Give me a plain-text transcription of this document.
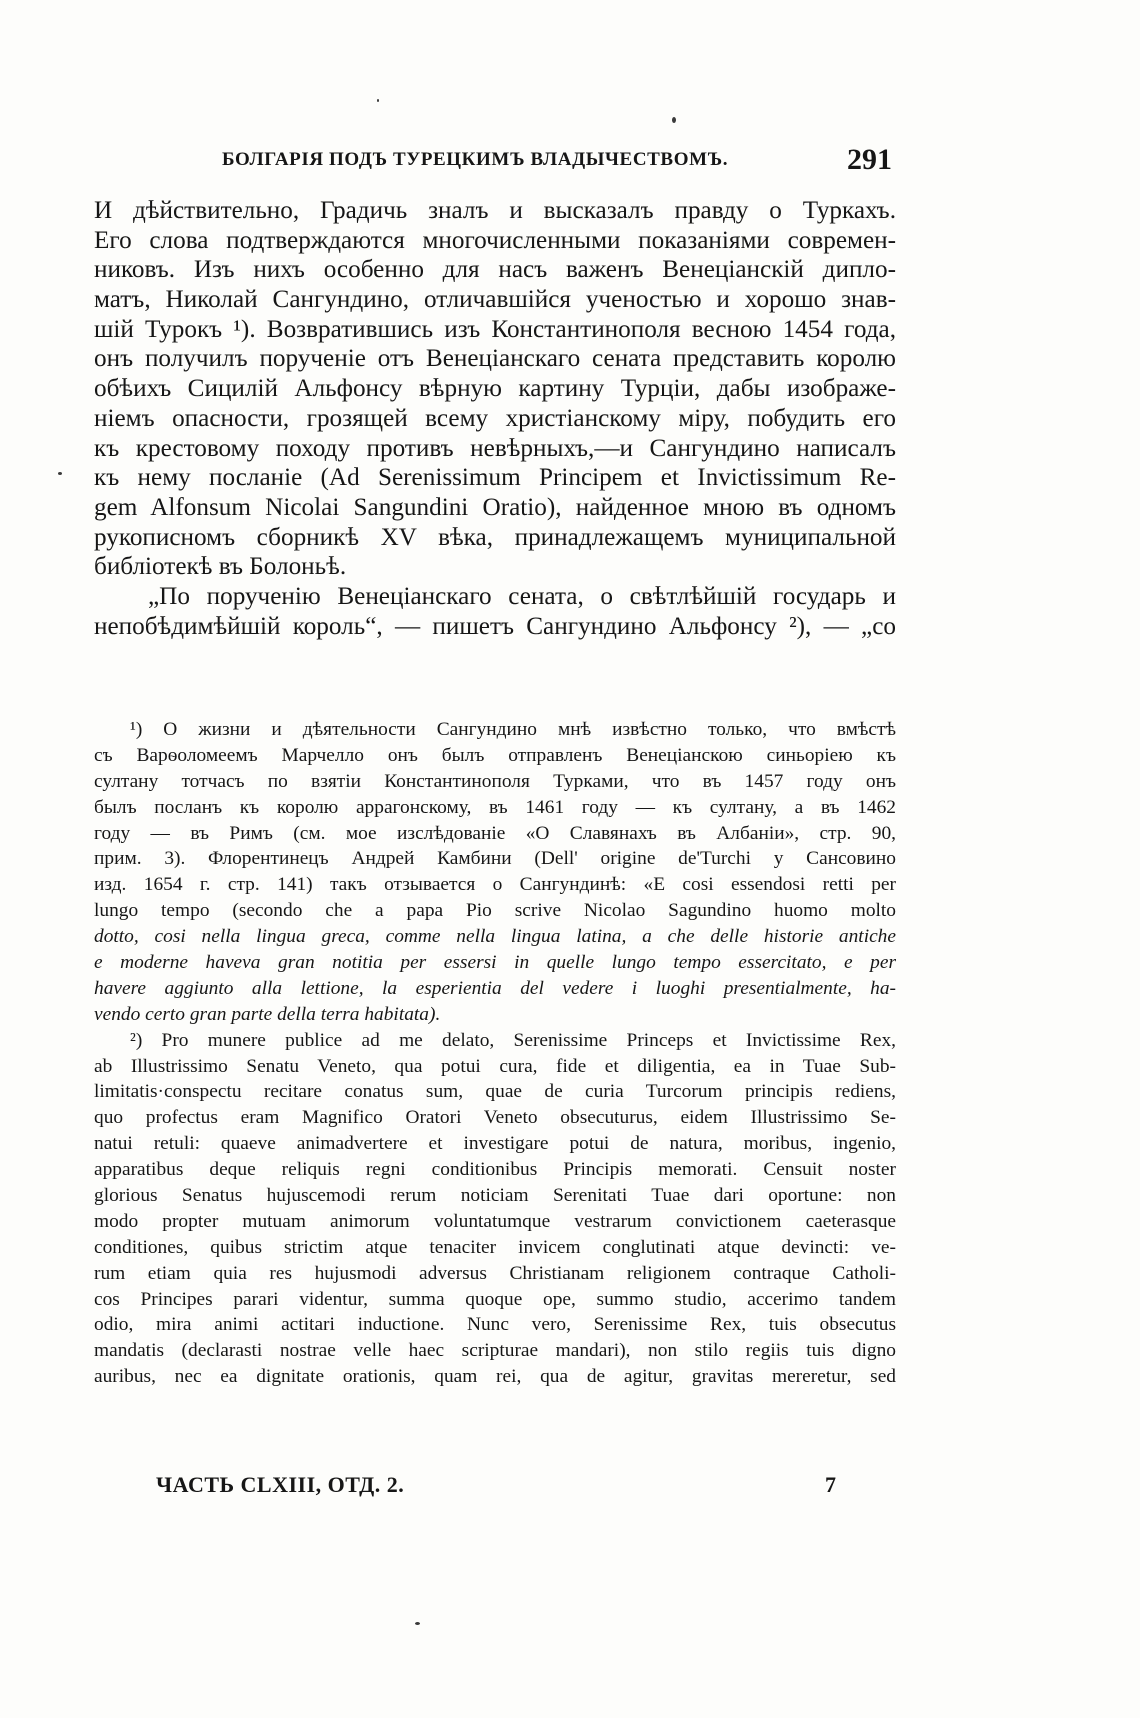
БОЛГАРІЯ ПОДЪ ТУРЕЦКИМЪ ВЛАДЫЧЕСТВОМЪ.	291
И дѣйствительно, Градичь зналъ и высказалъ правду о Туркахъ.
Его слова подтверждаются многочисленными показаніями современ-
никовъ. Изъ нихъ особенно для насъ важенъ Венеціанскій дипло-
матъ, Николай Сангундино, отличавшійся ученостью и хорошо знав-
шій Турокъ ¹). Возвратившись изъ Константинополя весною 1454 года,
онъ получилъ порученіе отъ Венеціанскаго сената представить королю
обѣихъ Сицилій Альфонсу вѣрную картину Турціи, дабы изображе-
ніемъ опасности, грозящей всему христіанскому міру, побудить его
къ крестовому походу противъ невѣрныхъ,—и Сангундино написалъ
къ нему посланіе (Ad Serenissimum Principem et Invictissimum Re-
gem Alfonsum Nicolai Sangundini Oratio), найденное мною въ одномъ
рукописномъ сборникѣ XV вѣка, принадлежащемъ муниципальной
библіотекѣ въ Болоньѣ.
„По порученію Венеціанскаго сената, о свѣтлѣйшій государь и
непобѣдимѣйшій король“, — пишетъ Сангундино Альфонсу ²), — „со
¹) О жизни и дѣятельности Сангундино мнѣ извѣстно только, что вмѣстѣ
съ Варѳоломеемъ Марчелло онъ былъ отправленъ Венеціанскою синьоріею къ
султану тотчасъ по взятіи Константинополя Турками, что въ 1457 году онъ
былъ посланъ къ королю аррагонскому, въ 1461 году — къ султану, а въ 1462
году — въ Римъ (см. мое изслѣдованіе «О Славянахъ въ Албаніи», стр. 90,
прим. 3). Флорентинецъ Андрей Камбини (Dell' origine de'Turchi у Сансовино
изд. 1654 г. стр. 141) такъ отзывается о Сангундинѣ: «E cosi essendosi retti per
lungo tempo (secondo che a papa Pio scrive Nicolao Sagundino huomo molto
dotto, cosi nella lingua greca, comme nella lingua latina, a che delle historie antiche
e moderne haveva gran notitia per essersi in quelle lungo tempo essercitato, e per
havere aggiunto alla lettione, la esperientia del vedere i luoghi presentialmente, ha-
vendo certo gran parte della terra habitata).
²) Pro munere publice ad me delato, Serenissime Princeps et Invictissime Rex,
ab Illustrissimo Senatu Veneto, qua potui cura, fide et diligentia, ea in Tuae Sub-
limitatis·conspectu recitare conatus sum, quae de curia Turcorum principis rediens,
quo profectus eram Magnifico Oratori Veneto obsecuturus, eidem Illustrissimo Se-
natui retuli: quaeve animadvertere et investigare potui de natura, moribus, ingenio,
apparatibus deque reliquis regni conditionibus Principis memorati. Censuit noster
glorious Senatus hujuscemodi rerum noticiam Serenitati Tuae dari oportune: non
modo propter mutuam animorum voluntatumque vestrarum convictionem caeterasque
conditiones, quibus strictim atque tenaciter invicem conglutinati atque devincti: ve-
rum etiam quia res hujusmodi adversus Christianam religionem contraque Catholi-
cos Principes parari videntur, summa quoque ope, summo studio, accerimo tandem
odio, mira animi actitari inductione. Nunc vero, Serenissime Rex, tuis obsecutus
mandatis (declarasti nostrae velle haec scripturae mandari), non stilo regiis tuis digno
auribus, nec ea dignitate orationis, quam rei, qua de agitur, gravitas mereretur, sed
ЧАСТЬ CLXIII, ОТД. 2.	7
